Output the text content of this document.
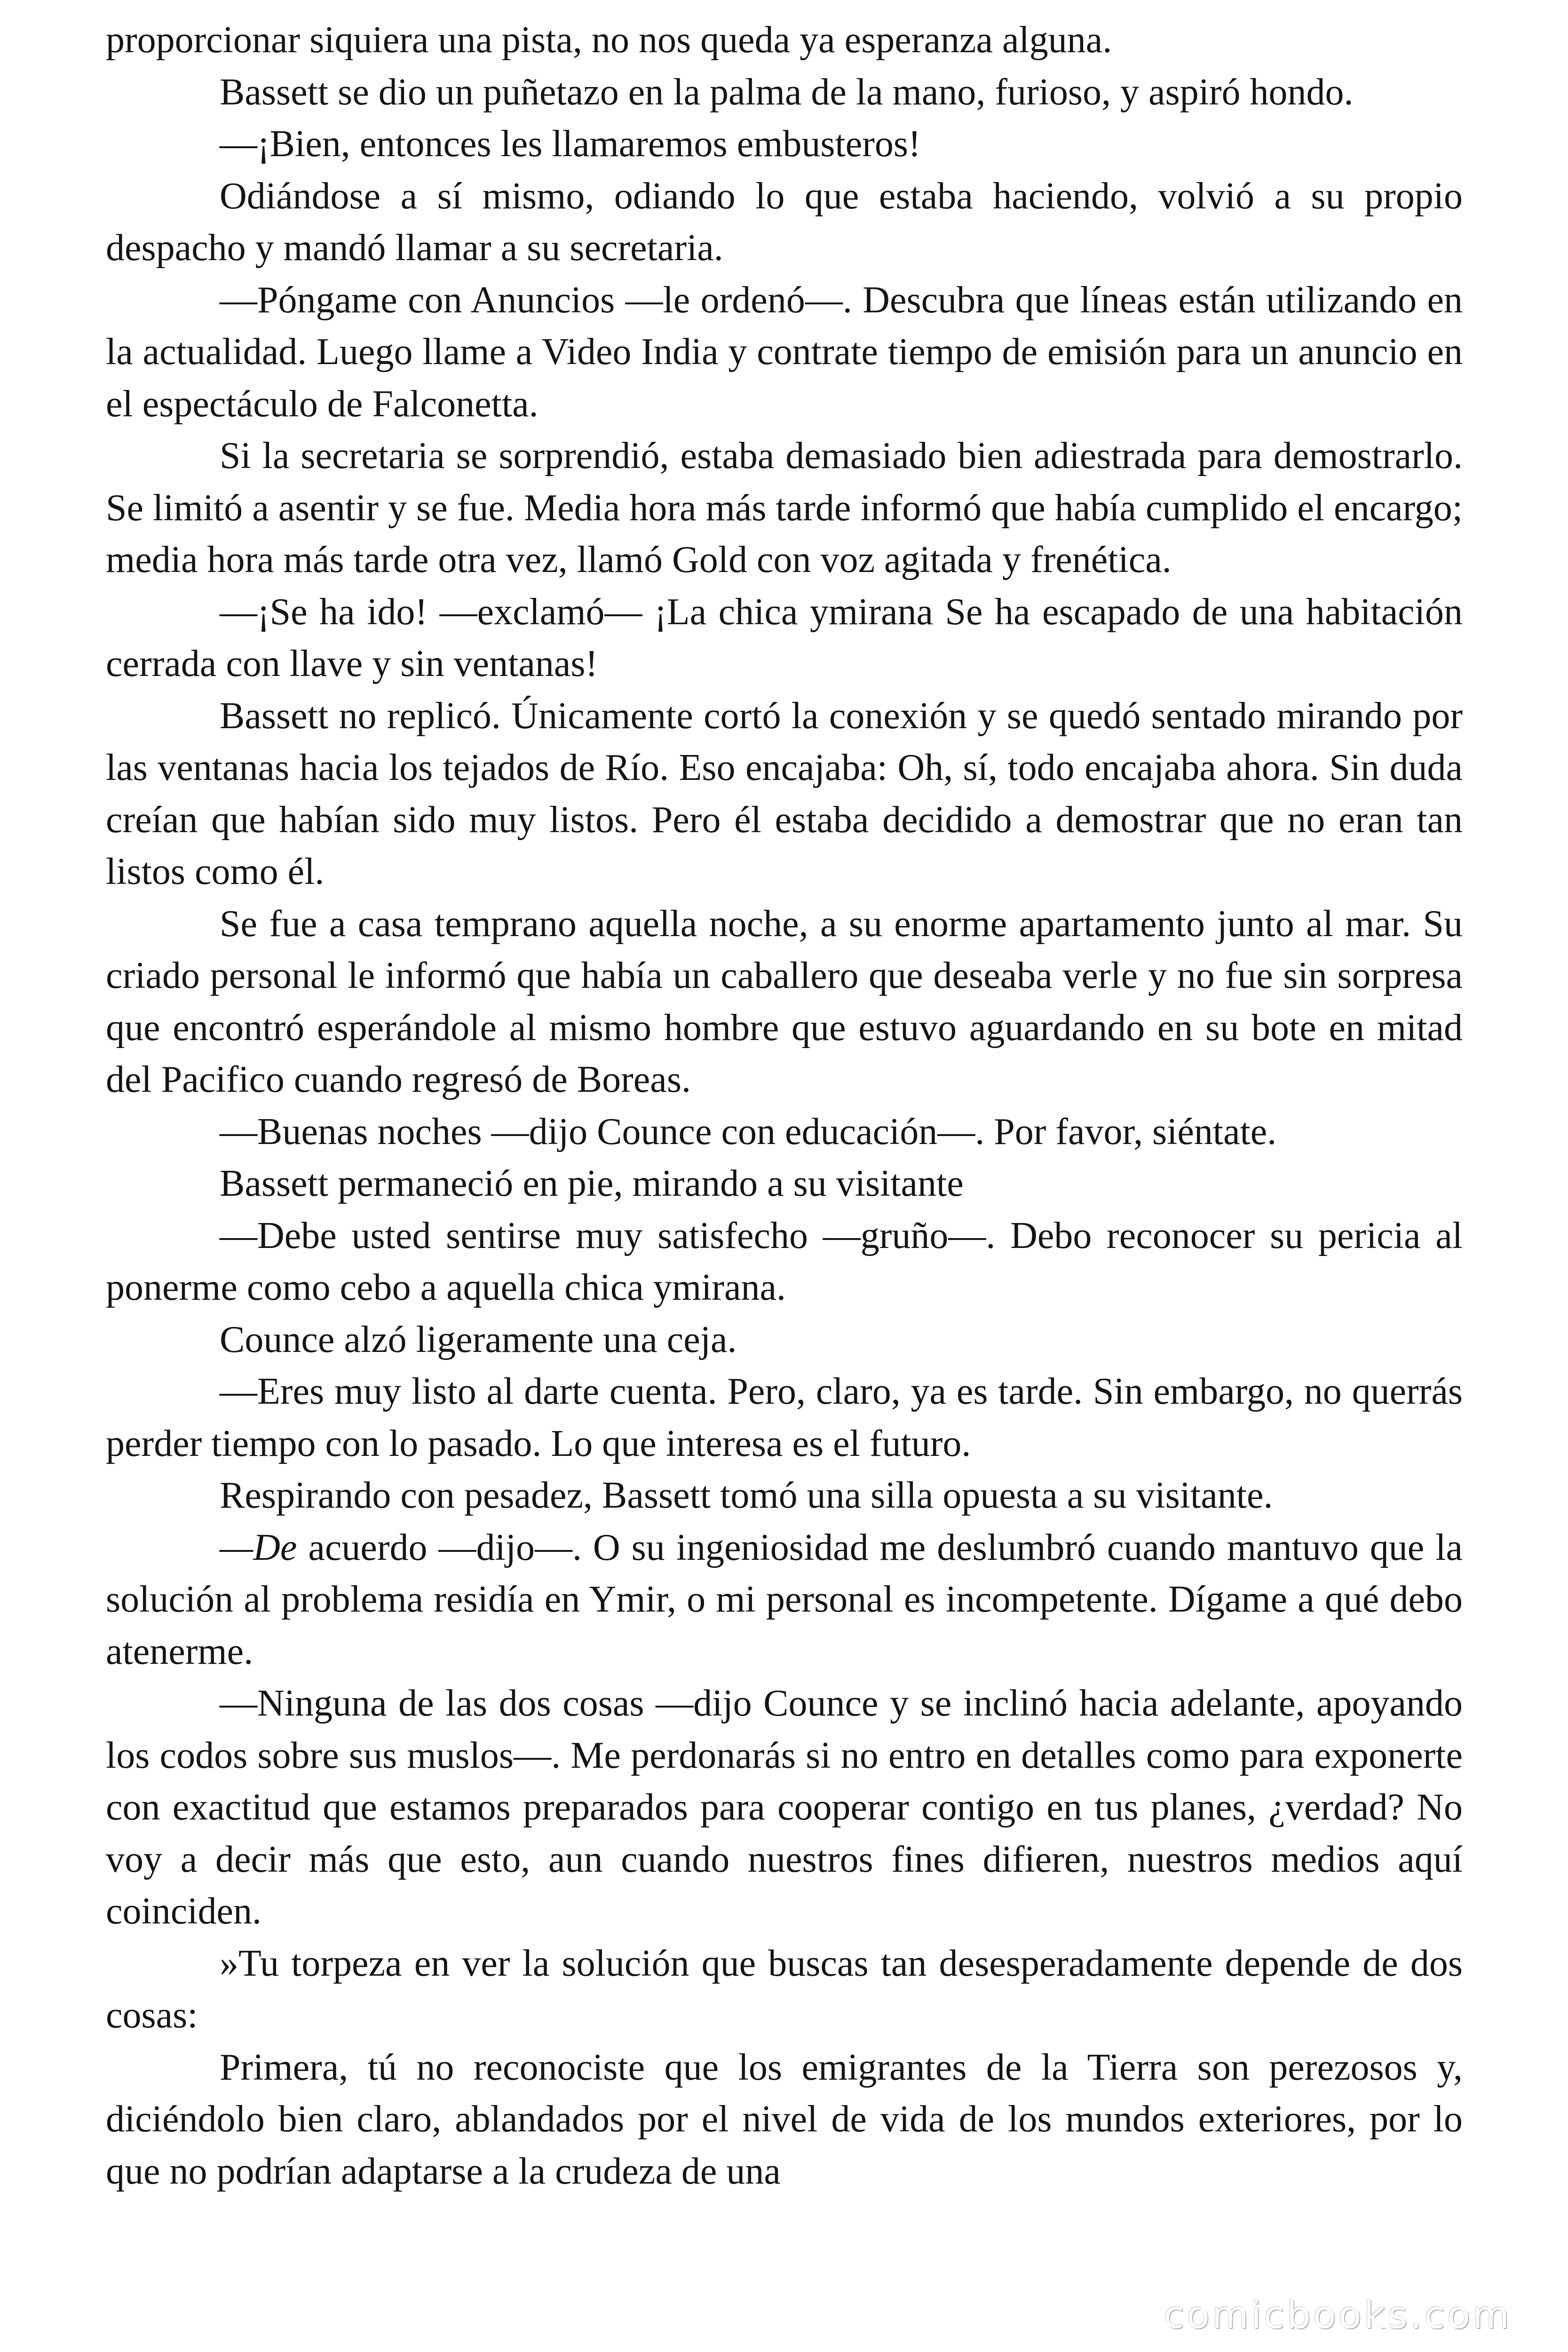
proporcionar siquiera una pista, no nos queda ya esperanza alguna.

Bassett se dio un puñetazo en la palma de la mano, furioso, y aspiró hondo.

—¡Bien, entonces les llamaremos embusteros!

Odiándose a sí mismo, odiando lo que estaba haciendo, volvió a su propio despacho y mandó llamar a su secretaria.

—Póngame con Anuncios —le ordenó—. Descubra que líneas están utilizando en la actualidad. Luego llame a Video India y contrate tiempo de emisión para un anuncio en el espectáculo de Falconetta.

Si la secretaria se sorprendió, estaba demasiado bien adiestrada para demostrarlo. Se limitó a asentir y se fue. Media hora más tarde informó que había cumplido el encargo; media hora más tarde otra vez, llamó Gold con voz agitada y frenética.

—¡Se ha ido! —exclamó— ¡La chica ymirana Se ha escapado de una habitación cerrada con llave y sin ventanas!

Bassett no replicó. Únicamente cortó la conexión y se quedó sentado mirando por las ventanas hacia los tejados de Río. Eso encajaba: Oh, sí, todo encajaba ahora. Sin duda creían que habían sido muy listos. Pero él estaba decidido a demostrar que no eran tan listos como él.

Se fue a casa temprano aquella noche, a su enorme apartamento junto al mar. Su criado personal le informó que había un caballero que deseaba verle y no fue sin sorpresa que encontró esperándole al mismo hombre que estuvo aguardando en su bote en mitad del Pacifico cuando regresó de Boreas.

—Buenas noches —dijo Counce con educación—. Por favor, siéntate.

Bassett permaneció en pie, mirando a su visitante

—Debe usted sentirse muy satisfecho —gruño—. Debo reconocer su pericia al ponerme como cebo a aquella chica ymirana.

Counce alzó ligeramente una ceja.

—Eres muy listo al darte cuenta. Pero, claro, ya es tarde. Sin embargo, no querrás perder tiempo con lo pasado. Lo que interesa es el futuro.

Respirando con pesadez, Bassett tomó una silla opuesta a su visitante.

—De acuerdo —dijo—. O su ingeniosidad me deslumbró cuando mantuvo que la solución al problema residía en Ymir, o mi personal es incompetente. Dígame a qué debo atenerme.

—Ninguna de las dos cosas —dijo Counce y se inclinó hacia adelante, apoyando los codos sobre sus muslos—. Me perdonarás si no entro en detalles como para exponerte con exactitud que estamos preparados para cooperar contigo en tus planes, ¿verdad? No voy a decir más que esto, aun cuando nuestros fines difieren, nuestros medios aquí coinciden.

»Tu torpeza en ver la solución que buscas tan desesperadamente depende de dos cosas:

Primera, tú no reconociste que los emigrantes de la Tierra son perezosos y, diciéndolo bien claro, ablandados por el nivel de vida de los mundos exteriores, por lo que no podrían adaptarse a la crudeza de una

comicbooks.com
